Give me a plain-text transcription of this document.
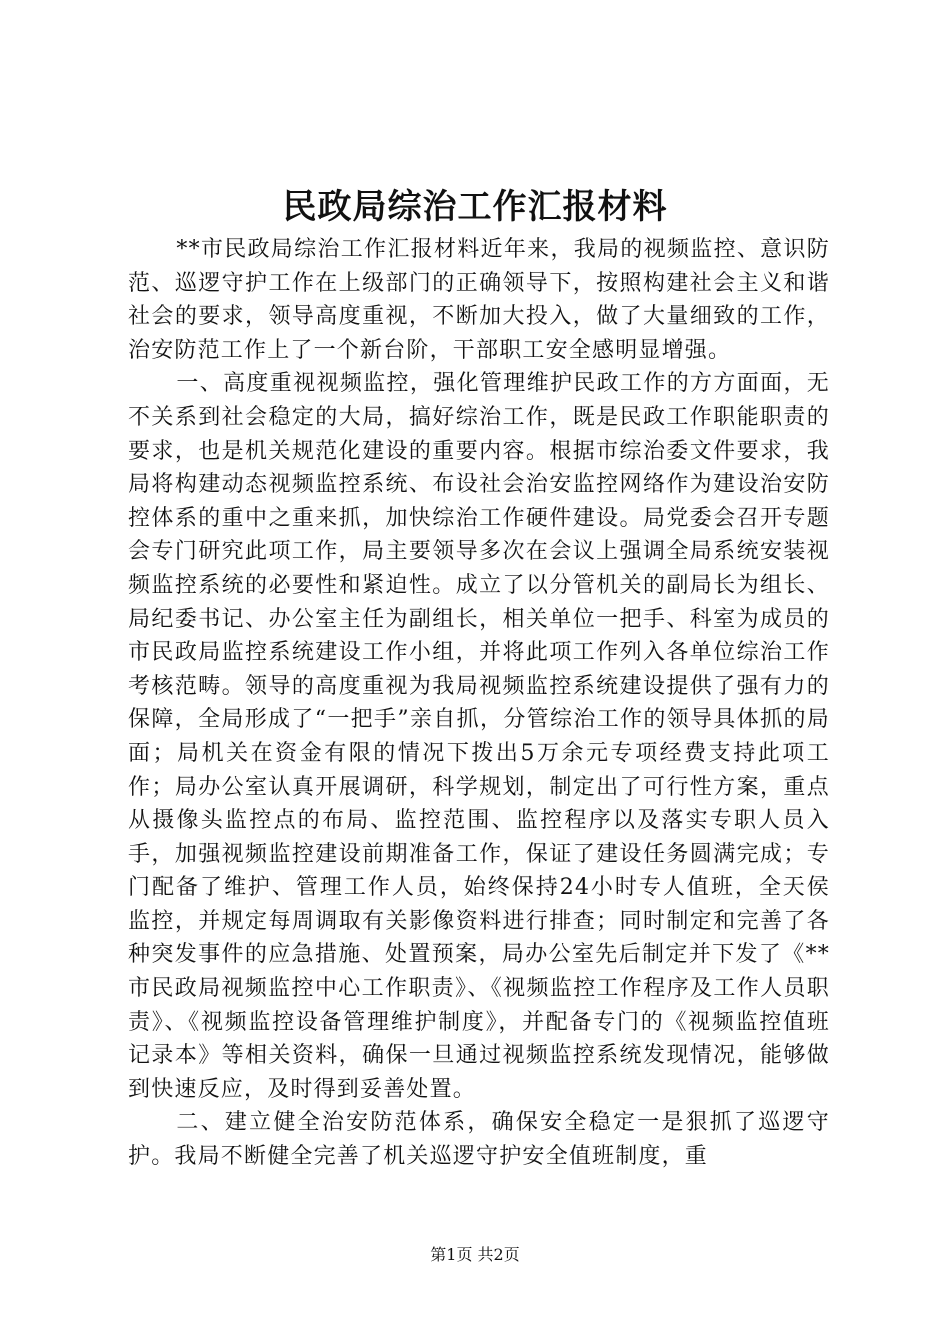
民政局综治工作汇报材料

**市民政局综治工作汇报材料近年来，我局的视频监控、意识防范、巡逻守护工作在上级部门的正确领导下，按照构建社会主义和谐社会的要求，领导高度重视，不断加大投入，做了大量细致的工作，治安防范工作上了一个新台阶，干部职工安全感明显增强。

一、高度重视视频监控，强化管理维护民政工作的方方面面，无不关系到社会稳定的大局，搞好综治工作，既是民政工作职能职责的要求，也是机关规范化建设的重要内容。根据市综治委文件要求，我局将构建动态视频监控系统、布设社会治安监控网络作为建设治安防控体系的重中之重来抓，加快综治工作硬件建设。局党委会召开专题会专门研究此项工作，局主要领导多次在会议上强调全局系统安装视频监控系统的必要性和紧迫性。成立了以分管机关的副局长为组长、局纪委书记、办公室主任为副组长，相关单位一把手、科室为成员的市民政局监控系统建设工作小组，并将此项工作列入各单位综治工作考核范畴。领导的高度重视为我局视频监控系统建设提供了强有力的保障，全局形成了“一把手”亲自抓，分管综治工作的领导具体抓的局面；局机关在资金有限的情况下拨出5万余元专项经费支持此项工作；局办公室认真开展调研，科学规划，制定出了可行性方案，重点从摄像头监控点的布局、监控范围、监控程序以及落实专职人员入手，加强视频监控建设前期准备工作，保证了建设任务圆满完成；专门配备了维护、管理工作人员，始终保持24小时专人值班，全天侯监控，并规定每周调取有关影像资料进行排查；同时制定和完善了各种突发事件的应急措施、处置预案，局办公室先后制定并下发了《**市民政局视频监控中心工作职责》、《视频监控工作程序及工作人员职责》、《视频监控设备管理维护制度》，并配备专门的《视频监控值班记录本》等相关资料，确保一旦通过视频监控系统发现情况，能够做到快速反应，及时得到妥善处置。

二、建立健全治安防范体系，确保安全稳定一是狠抓了巡逻守护。我局不断健全完善了机关巡逻守护安全值班制度，重

第1页 共2页
